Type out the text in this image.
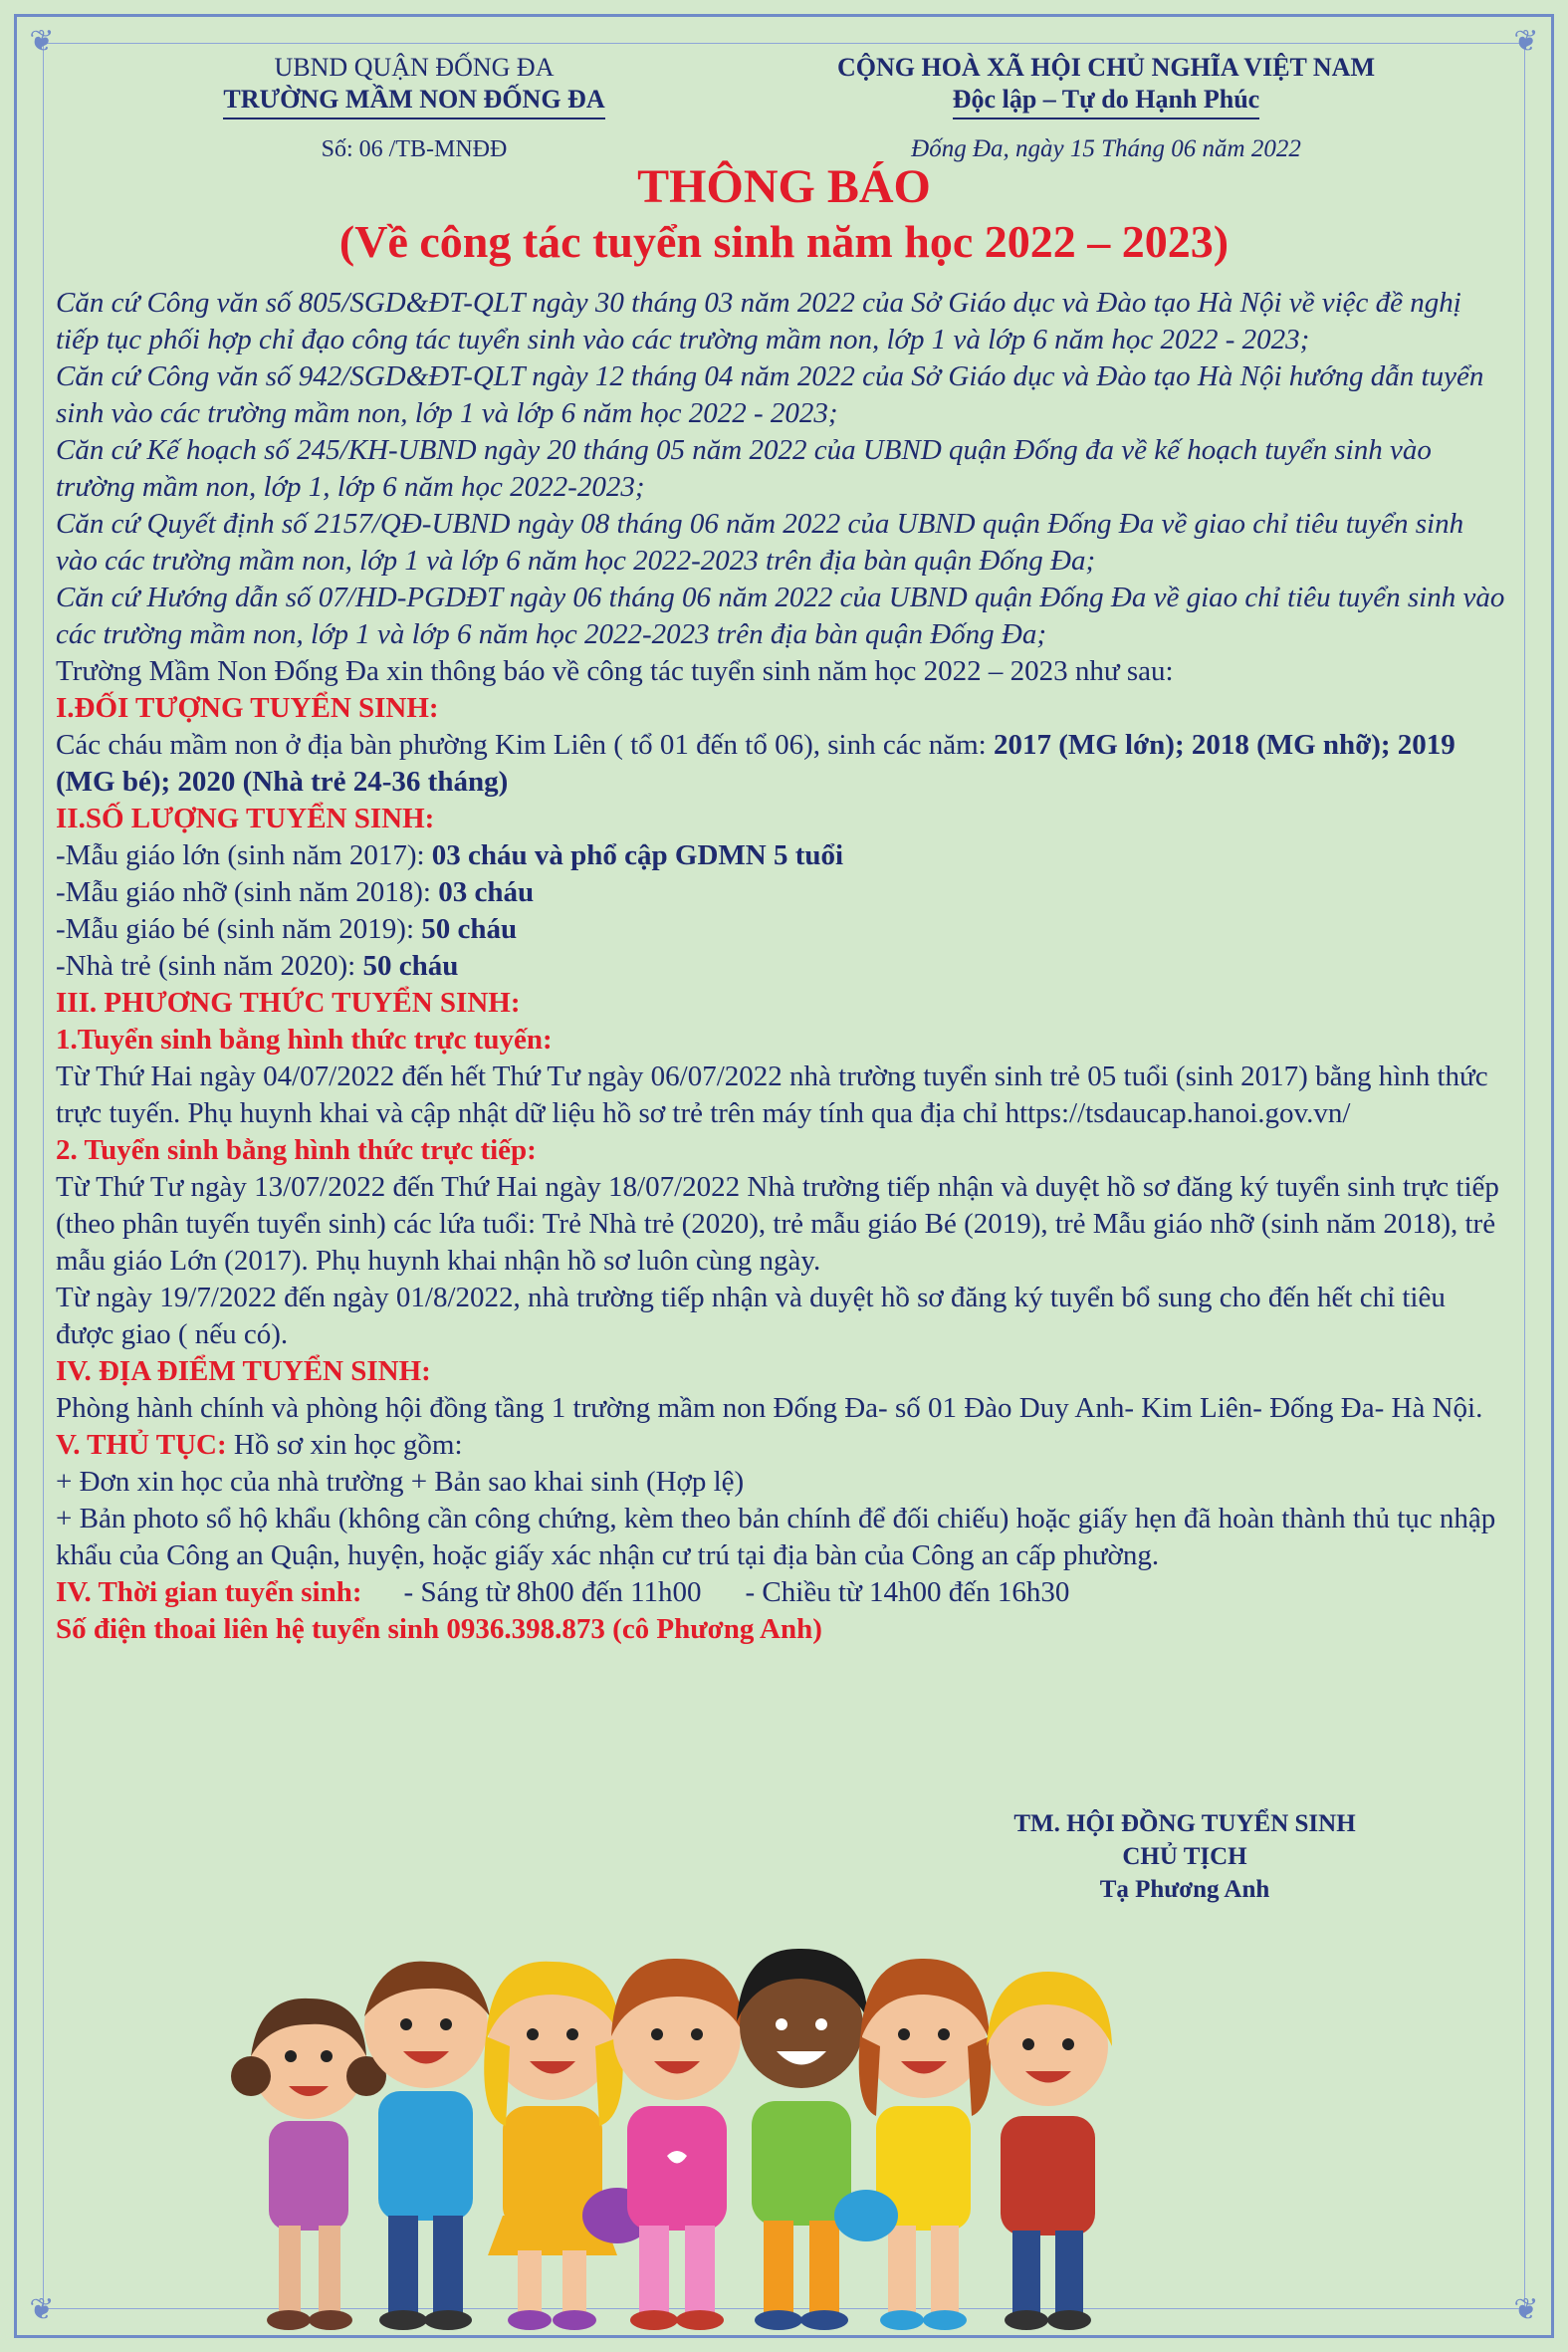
❦	❦
❦	❦
UBND QUẬN ĐỐNG ĐA
TRƯỜNG MẦM NON ĐỐNG ĐA
Số: 06 /TB-MNĐĐ
CỘNG HOÀ XÃ HỘI CHỦ NGHĨA VIỆT NAM
Độc lập – Tự do Hạnh Phúc
Đống Đa, ngày 15 Tháng 06 năm 2022
THÔNG BÁO
(Về công tác tuyển sinh năm học 2022 – 2023)

Căn cứ Công văn số 805/SGD&ĐT-QLT ngày 30 tháng 03 năm 2022 của Sở Giáo dục và Đào tạo Hà Nội về việc đề nghị tiếp tục phối hợp chỉ đạo công tác tuyển sinh vào các trường mầm non, lớp 1 và lớp 6 năm học 2022 - 2023;

Căn cứ Công văn số 942/SGD&ĐT-QLT ngày 12 tháng 04 năm 2022 của Sở Giáo dục và Đào tạo Hà Nội hướng dẫn tuyển sinh vào các trường mầm non, lớp 1 và lớp 6 năm học 2022 - 2023;

Căn cứ Kế hoạch số 245/KH-UBND ngày 20 tháng 05 năm 2022 của UBND quận Đống đa về kế hoạch tuyển sinh vào trường mầm non, lớp 1, lớp 6 năm học 2022-2023;

Căn cứ Quyết định số 2157/QĐ-UBND ngày 08 tháng 06 năm 2022 của UBND quận Đống Đa về giao chỉ tiêu tuyển sinh vào các trường mầm non, lớp 1 và lớp 6 năm học 2022-2023 trên địa bàn quận Đống Đa;

Căn cứ Hướng dẫn số 07/HD-PGDĐT ngày 06 tháng 06 năm 2022 của UBND quận Đống Đa về giao chỉ tiêu tuyển sinh vào các trường mầm non, lớp 1 và lớp 6 năm học 2022-2023 trên địa bàn quận Đống Đa;

Trường Mầm Non Đống Đa xin thông báo về công tác tuyển sinh năm học 2022 – 2023 như sau:

I.ĐỐI TƯỢNG TUYỂN SINH:

Các cháu mầm non ở địa bàn phường Kim Liên ( tổ 01 đến tổ 06), sinh các năm: 2017 (MG lớn); 2018 (MG nhỡ); 2019 (MG bé); 2020 (Nhà trẻ 24-36 tháng)

II.SỐ LƯỢNG TUYỂN SINH:

-Mẫu giáo lớn (sinh năm 2017): 03 cháu và phổ cập GDMN 5 tuổi

-Mẫu giáo nhỡ (sinh năm 2018): 03 cháu

-Mẫu giáo bé (sinh năm 2019): 50 cháu

-Nhà trẻ (sinh năm 2020): 50 cháu

III. PHƯƠNG THỨC TUYỂN SINH:

1.Tuyển sinh bằng hình thức trực tuyến:

Từ Thứ Hai ngày 04/07/2022 đến hết Thứ Tư ngày 06/07/2022 nhà trường tuyển sinh trẻ 05 tuổi (sinh 2017) bằng hình thức trực tuyến. Phụ huynh khai và cập nhật dữ liệu hồ sơ trẻ trên máy tính qua địa chỉ https://tsdaucap.hanoi.gov.vn/

2. Tuyển sinh bằng hình thức trực tiếp:

Từ Thứ Tư ngày 13/07/2022 đến Thứ Hai ngày 18/07/2022 Nhà trường tiếp nhận và duyệt hồ sơ đăng ký tuyển sinh trực tiếp (theo phân tuyến tuyển sinh) các lứa tuổi: Trẻ Nhà trẻ (2020), trẻ mẫu giáo Bé (2019), trẻ Mẫu giáo nhỡ (sinh năm 2018), trẻ mẫu giáo Lớn (2017). Phụ huynh khai nhận hồ sơ luôn cùng ngày.

Từ ngày 19/7/2022 đến ngày 01/8/2022, nhà trường tiếp nhận và duyệt hồ sơ đăng ký tuyển bổ sung cho đến hết chỉ tiêu được giao ( nếu có).

IV. ĐỊA ĐIỂM TUYỂN SINH:

Phòng hành chính và phòng hội đồng tầng 1 trường mầm non Đống Đa- số 01 Đào Duy Anh- Kim Liên- Đống Đa- Hà Nội.

V. THỦ TỤC: Hồ sơ xin học gồm:

+ Đơn xin học của nhà trường + Bản sao khai sinh (Hợp lệ)

+ Bản photo sổ hộ khẩu (không cần công chứng, kèm theo bản chính để đối chiếu) hoặc giấy hẹn đã hoàn thành thủ tục nhập khẩu của Công an Quận, huyện, hoặc giấy xác nhận cư trú tại địa bàn của Công an cấp phường.

IV. Thời gian tuyển sinh: - Sáng từ 8h00 đến 11h00 - Chiều từ 14h00 đến 16h30

Số điện thoai liên hệ tuyển sinh 0936.398.873 (cô Phương Anh)

TM. HỘI ĐỒNG TUYỂN SINH
CHỦ TỊCH
Tạ Phương Anh
